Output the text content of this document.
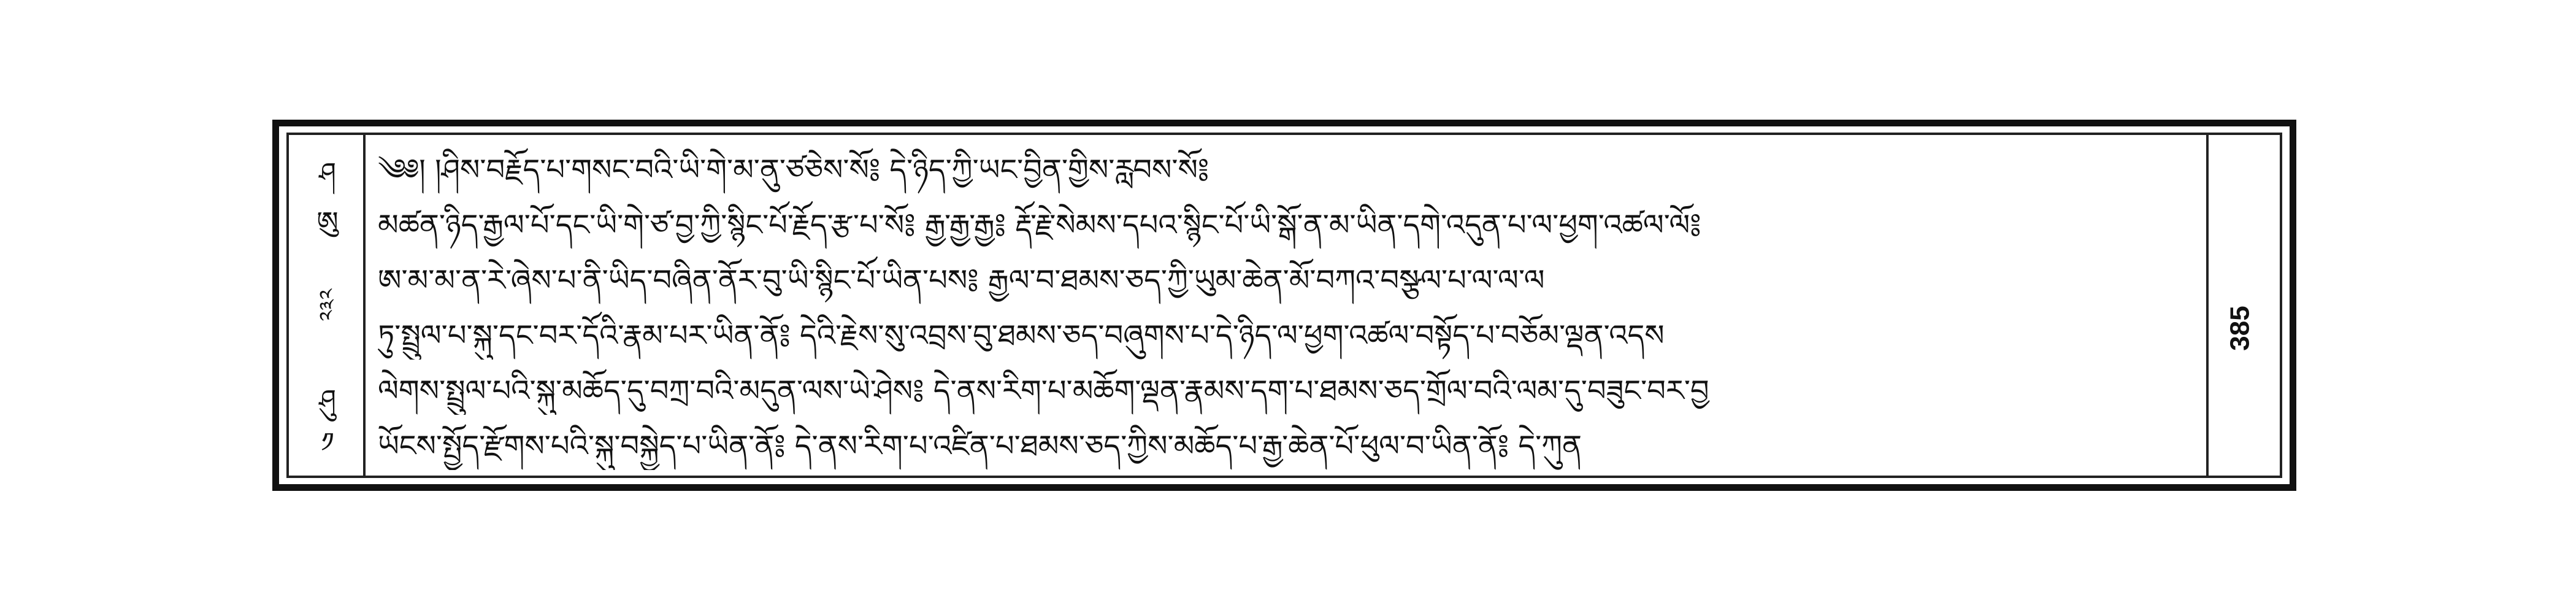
ཤ
ཨུ
༢༣༢
ཤུ
༡
༄༅། །ཤིས་བརྗོད་པ་གསང་བའི་ཡི་གེ་མ་ནུ་ཙཅེས་སོ༔ དེ་ཉིད་ཀྱི་ཡང་བྱིན་གྱིས་རླབས་སོ༔
མཚན་ཉིད་རྒྱལ་པོ་དང་ཡི་གེ་ཙ་བྱ་ཀྱི་སྙིང་པོ་རྗོད་རྩ་པ་སོ༔ རྒྱ་རྒྱ་རྒྱ༔ རྡོ་རྗེ་སེམས་དཔའ་སྙིང་པོ་ཡི་སྒོ་ན་མ་ཡིན་དགེ་འདུན་པ་ལ་ཕྱག་འཚལ་ལོ༔
ཨ་མ་མ་ན་རེ་ཞེས་པ་ནི་ཡིད་བཞིན་ནོར་བུ་ཡི་སྙིང་པོ་ཡིན་པས༔ རྒྱལ་བ་ཐམས་ཅད་ཀྱི་ཡུམ་ཆེན་མོ་བཀའ་བསྩལ་པ་ལ་ལ་ལ
ཏུ་སྤྲུལ་པ་སྐུ་དང་བར་དོའི་རྣམ་པར་ཡིན་ནོ༔ དེའི་རྗེས་སུ་འབྲས་བུ་ཐམས་ཅད་བཞུགས་པ་དེ་ཉིད་ལ་ཕྱག་འཚལ་བསྟོད་པ་བཅོམ་ལྡན་འདས
ལེགས་སྤྲུལ་པའི་སྐུ་མཆོད་དུ་བཀྲ་བའི་མདུན་ལས་ཡེ་ཤེས༔ དེ་ནས་རིག་པ་མཆོག་ལྡན་རྣམས་དག་པ་ཐམས་ཅད་གྲོལ་བའི་ལམ་དུ་བཟུང་བར་བྱ
ཡོངས་སྤྱོད་རྫོགས་པའི་སྐུ་བསྐྱེད་པ་ཡིན་ནོ༔ དེ་ནས་རིག་པ་འཛིན་པ་ཐམས་ཅད་ཀྱིས་མཆོད་པ་རྒྱ་ཆེན་པོ་ཕུལ་བ་ཡིན་ནོ༔ དེ་ཀུན
385
